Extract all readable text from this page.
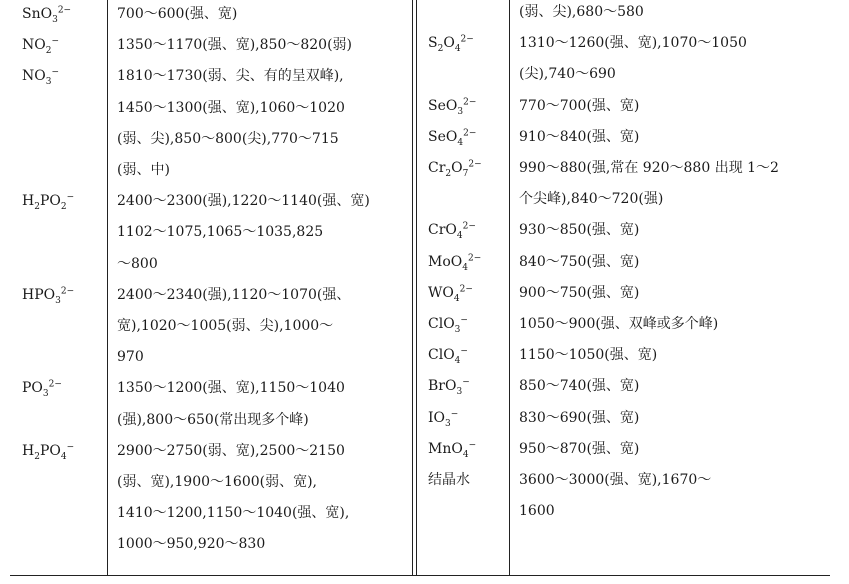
SnO$_3^{2-}$	700～600(强、宽)
$NO_2^-$	1350～1170(强、宽),850～820(弱)
$NO_3^-$	1810～1730(弱、尖、有的呈双峰),
1450～1300(强、宽),1060～1020
(弱、尖),850～800(尖),770～715
(弱、中)
$H_2PO_2^-$	2400～2300(强),1220～1140(强、宽)
1102～1075,1065～1035,825
～800
$HPO_3^{2-}$	2400～2340(强),1120～1070(强、
宽),1020～1005(弱、尖),1000～
970
$PO_3^{2-}$	1350～1200(强、宽),1150～1040
(强),800～650(常出现多个峰)
$H_2PO_4^-$	2900～2750(弱、宽),2500～2150
(弱、宽),1900～1600(弱、宽),
1410～1200,1150～1040(强、宽),
1000～950,920～830
(弱、尖),680～580
$S_2O_4^{2-}$	1310～1260(强、宽),1070～1050
(尖),740～690
SeO$_3^{2-}$	770～700(强、宽)
SeO$_4^{2-}$	910～840(强、宽)
$Cr_2O_7^{2-}$	990～880(强,常在 920～880 出现 1～2
个尖峰),840～720(强)
CrO$_4^{2-}$	930～850(强、宽)
MoO$_4^{2-}$	840～750(强、宽)
$WO_4^{2-}$	900～750(强、宽)
ClO$_3$−	1050～900(强、双峰或多个峰)
ClO$_4$−	1150～1050(强、宽)
BrO$_3$−	850～740(强、宽)
$IO_3^-$	830～690(强、宽)
MnO$_4$−	950～870(强、宽)
结晶水	3600～3000(强、宽),1670～
1600
